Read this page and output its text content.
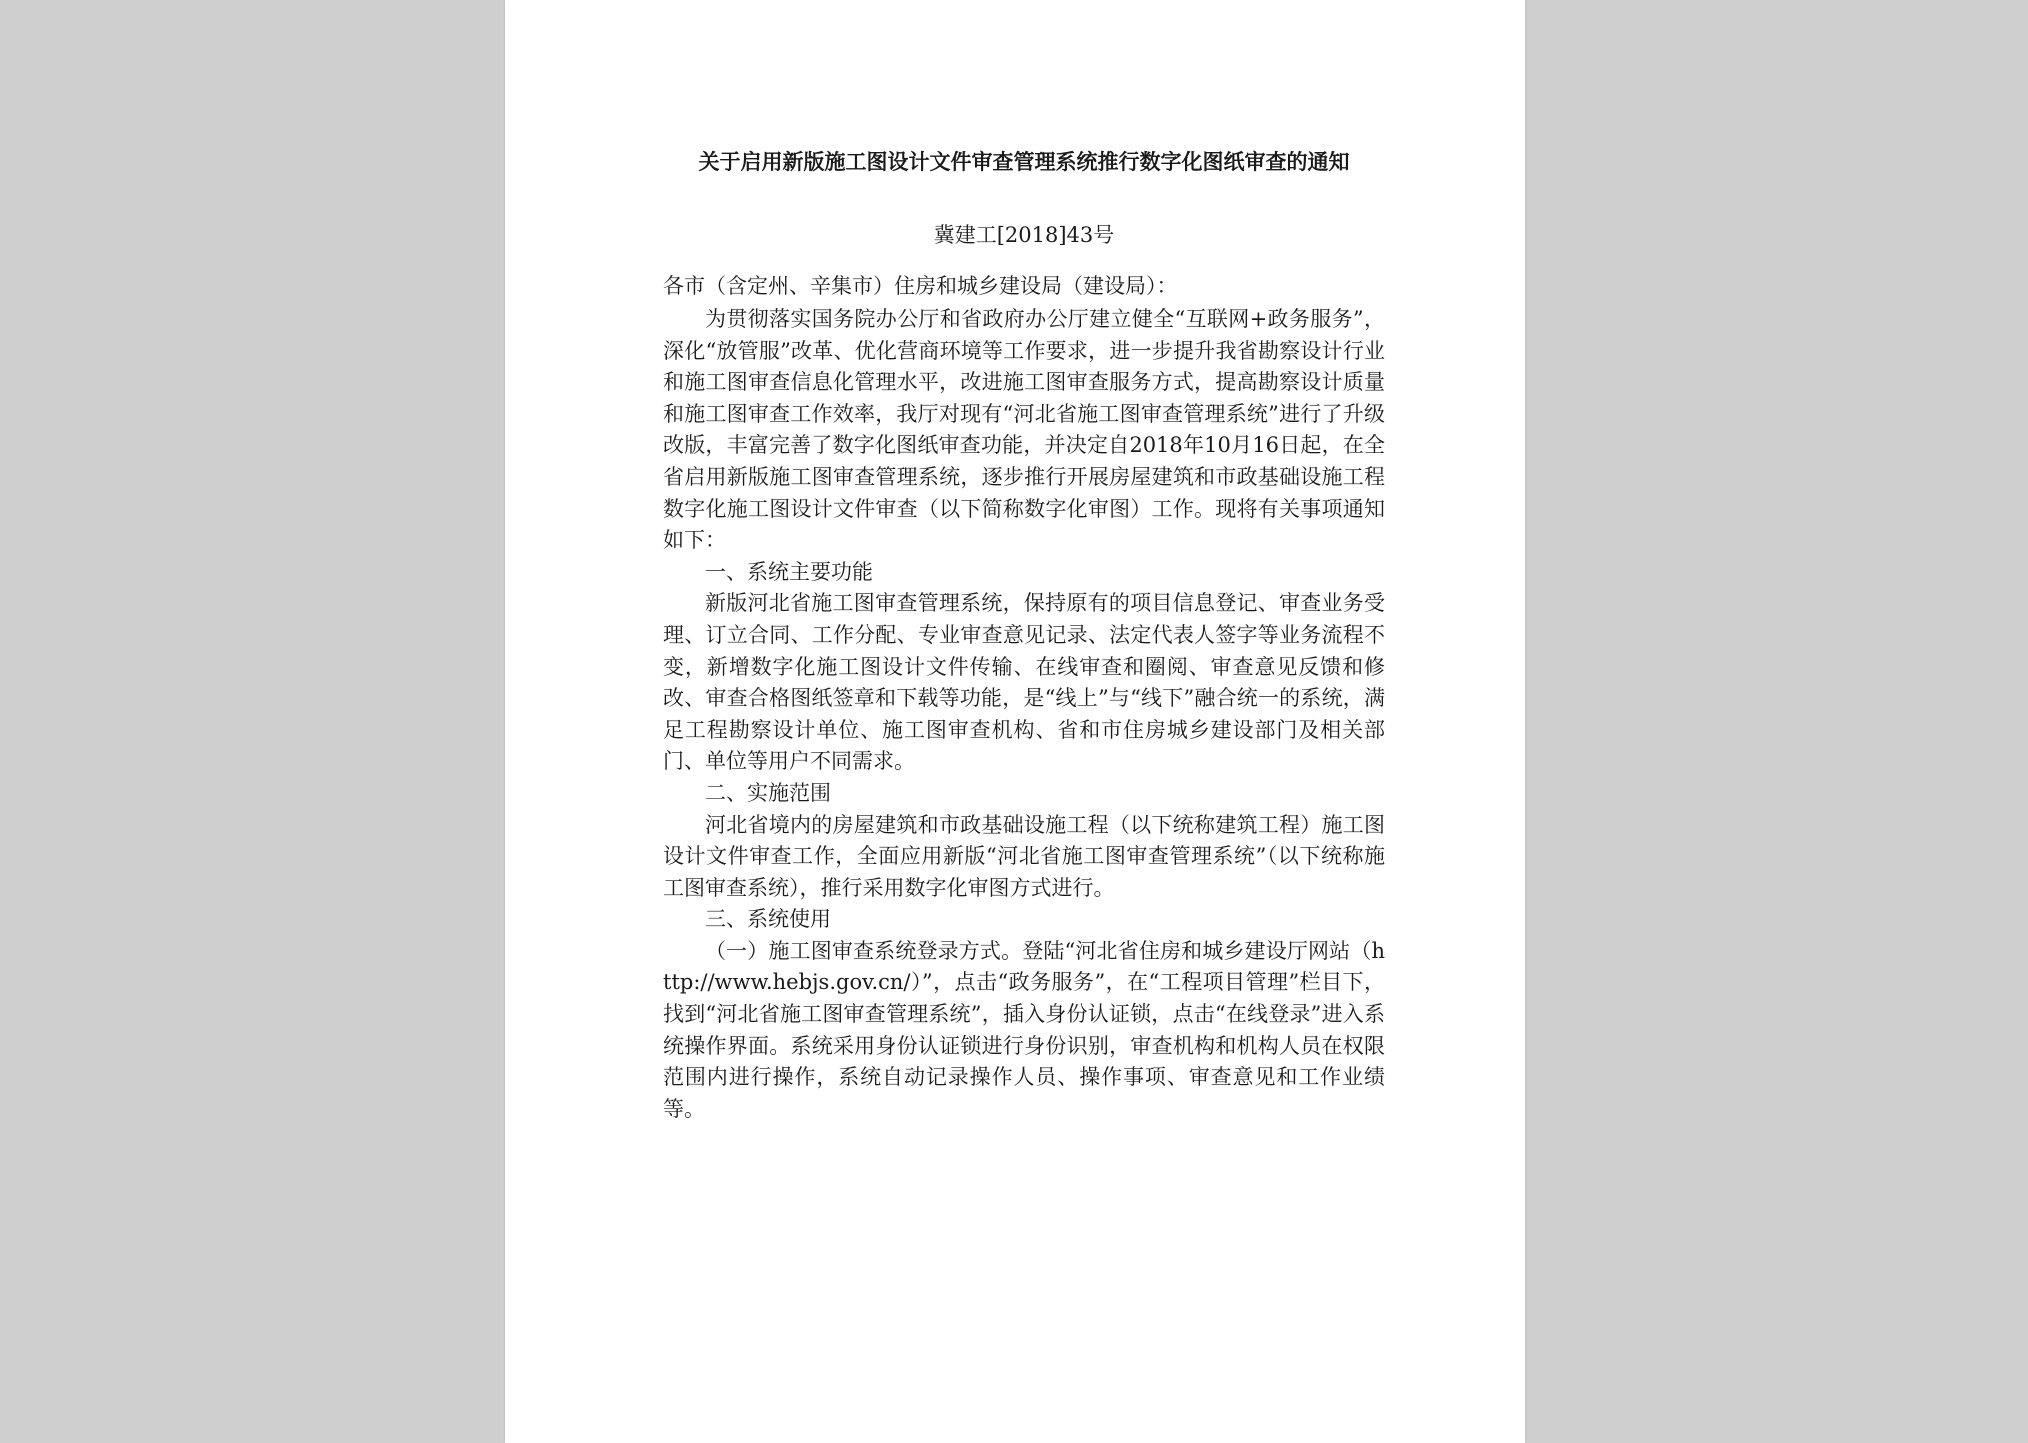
关于启用新版施工图设计文件审查管理系统推行数字化图纸审查的通知
冀建工[2018]43号

各市（含定州、辛集市）住房和城乡建设局（建设局）：

为贯彻落实国务院办公厅和省政府办公厅建立健全“互联网+政务服务”，深化“放管服”改革、优化营商环境等工作要求，进一步提升我省勘察设计行业和施工图审查信息化管理水平，改进施工图审查服务方式，提高勘察设计质量和施工图审查工作效率，我厅对现有“河北省施工图审查管理系统”进行了升级改版，丰富完善了数字化图纸审查功能，并决定自2018年10月16日起，在全省启用新版施工图审查管理系统，逐步推行开展房屋建筑和市政基础设施工程数字化施工图设计文件审查（以下简称数字化审图）工作。现将有关事项通知如下：

一、系统主要功能

新版河北省施工图审查管理系统，保持原有的项目信息登记、审查业务受理、订立合同、工作分配、专业审查意见记录、法定代表人签字等业务流程不变，新增数字化施工图设计文件传输、在线审查和圈阅、审查意见反馈和修改、审查合格图纸签章和下载等功能，是“线上”与“线下”融合统一的系统，满足工程勘察设计单位、施工图审查机构、省和市住房城乡建设部门及相关部门、单位等用户不同需求。

二、实施范围

河北省境内的房屋建筑和市政基础设施工程（以下统称建筑工程）施工图设计文件审查工作，全面应用新版“河北省施工图审查管理系统”（以下统称施工图审查系统），推行采用数字化审图方式进行。

三、系统使用

（一）施工图审查系统登录方式。登陆“河北省住房和城乡建设厅网站（http://www.hebjs.gov.cn/）”，点击“政务服务”，在“工程项目管理”栏目下，找到“河北省施工图审查管理系统”，插入身份认证锁，点击“在线登录”进入系统操作界面。系统采用身份认证锁进行身份识别，审查机构和机构人员在权限范围内进行操作，系统自动记录操作人员、操作事项、审查意见和工作业绩等。
